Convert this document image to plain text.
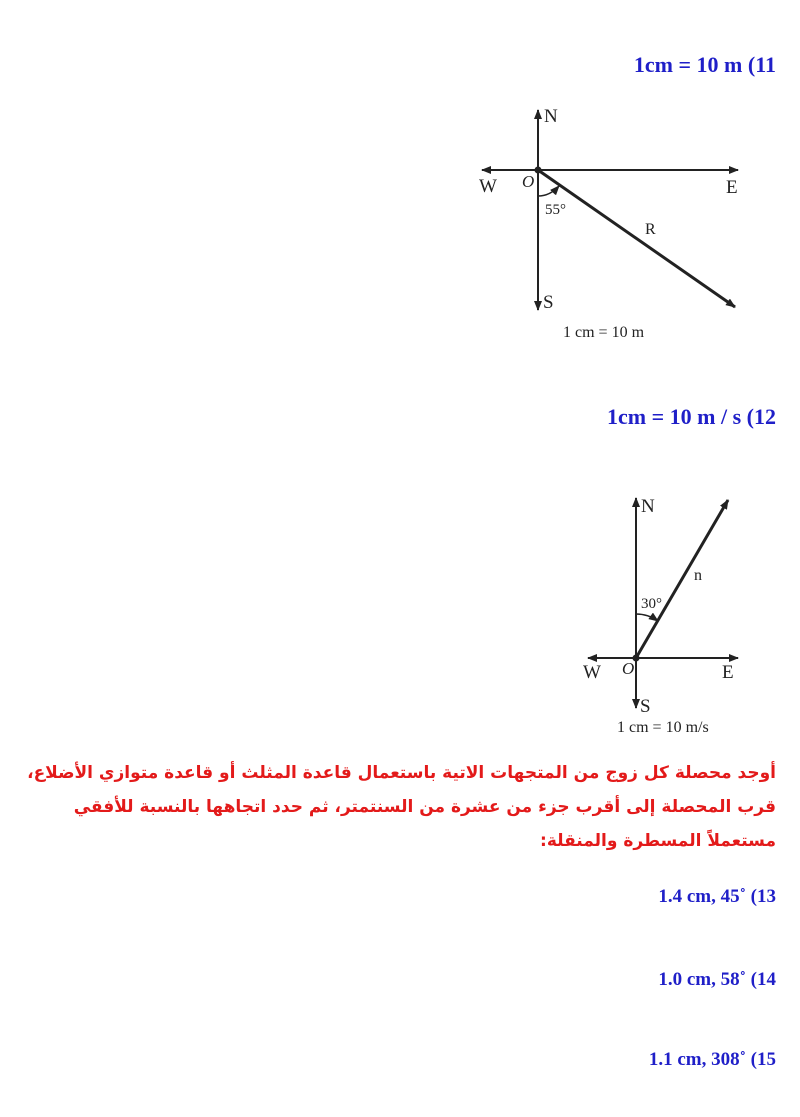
1cm = 10 m (11
N
S
E
W O
55°
R
1 cm = 10 m
N
S
E
W O
30°
n
1 cm = 10 m/s
1cm = 10 m / s (12
أوجد محصلة كل زوج من المتجهات الاتية باستعمال قاعدة المثلث أو قاعدة متوازي الأضلاع،
قرب المحصلة إلى أقرب جزء من عشرة من السنتمتر، ثم حدد اتجاهها بالنسبة للأفقي
مستعملاً المسطرة والمنقلة:
1.4 cm, 45˚ (13
1.0 cm, 58˚ (14
1.1 cm, 308˚ (15
